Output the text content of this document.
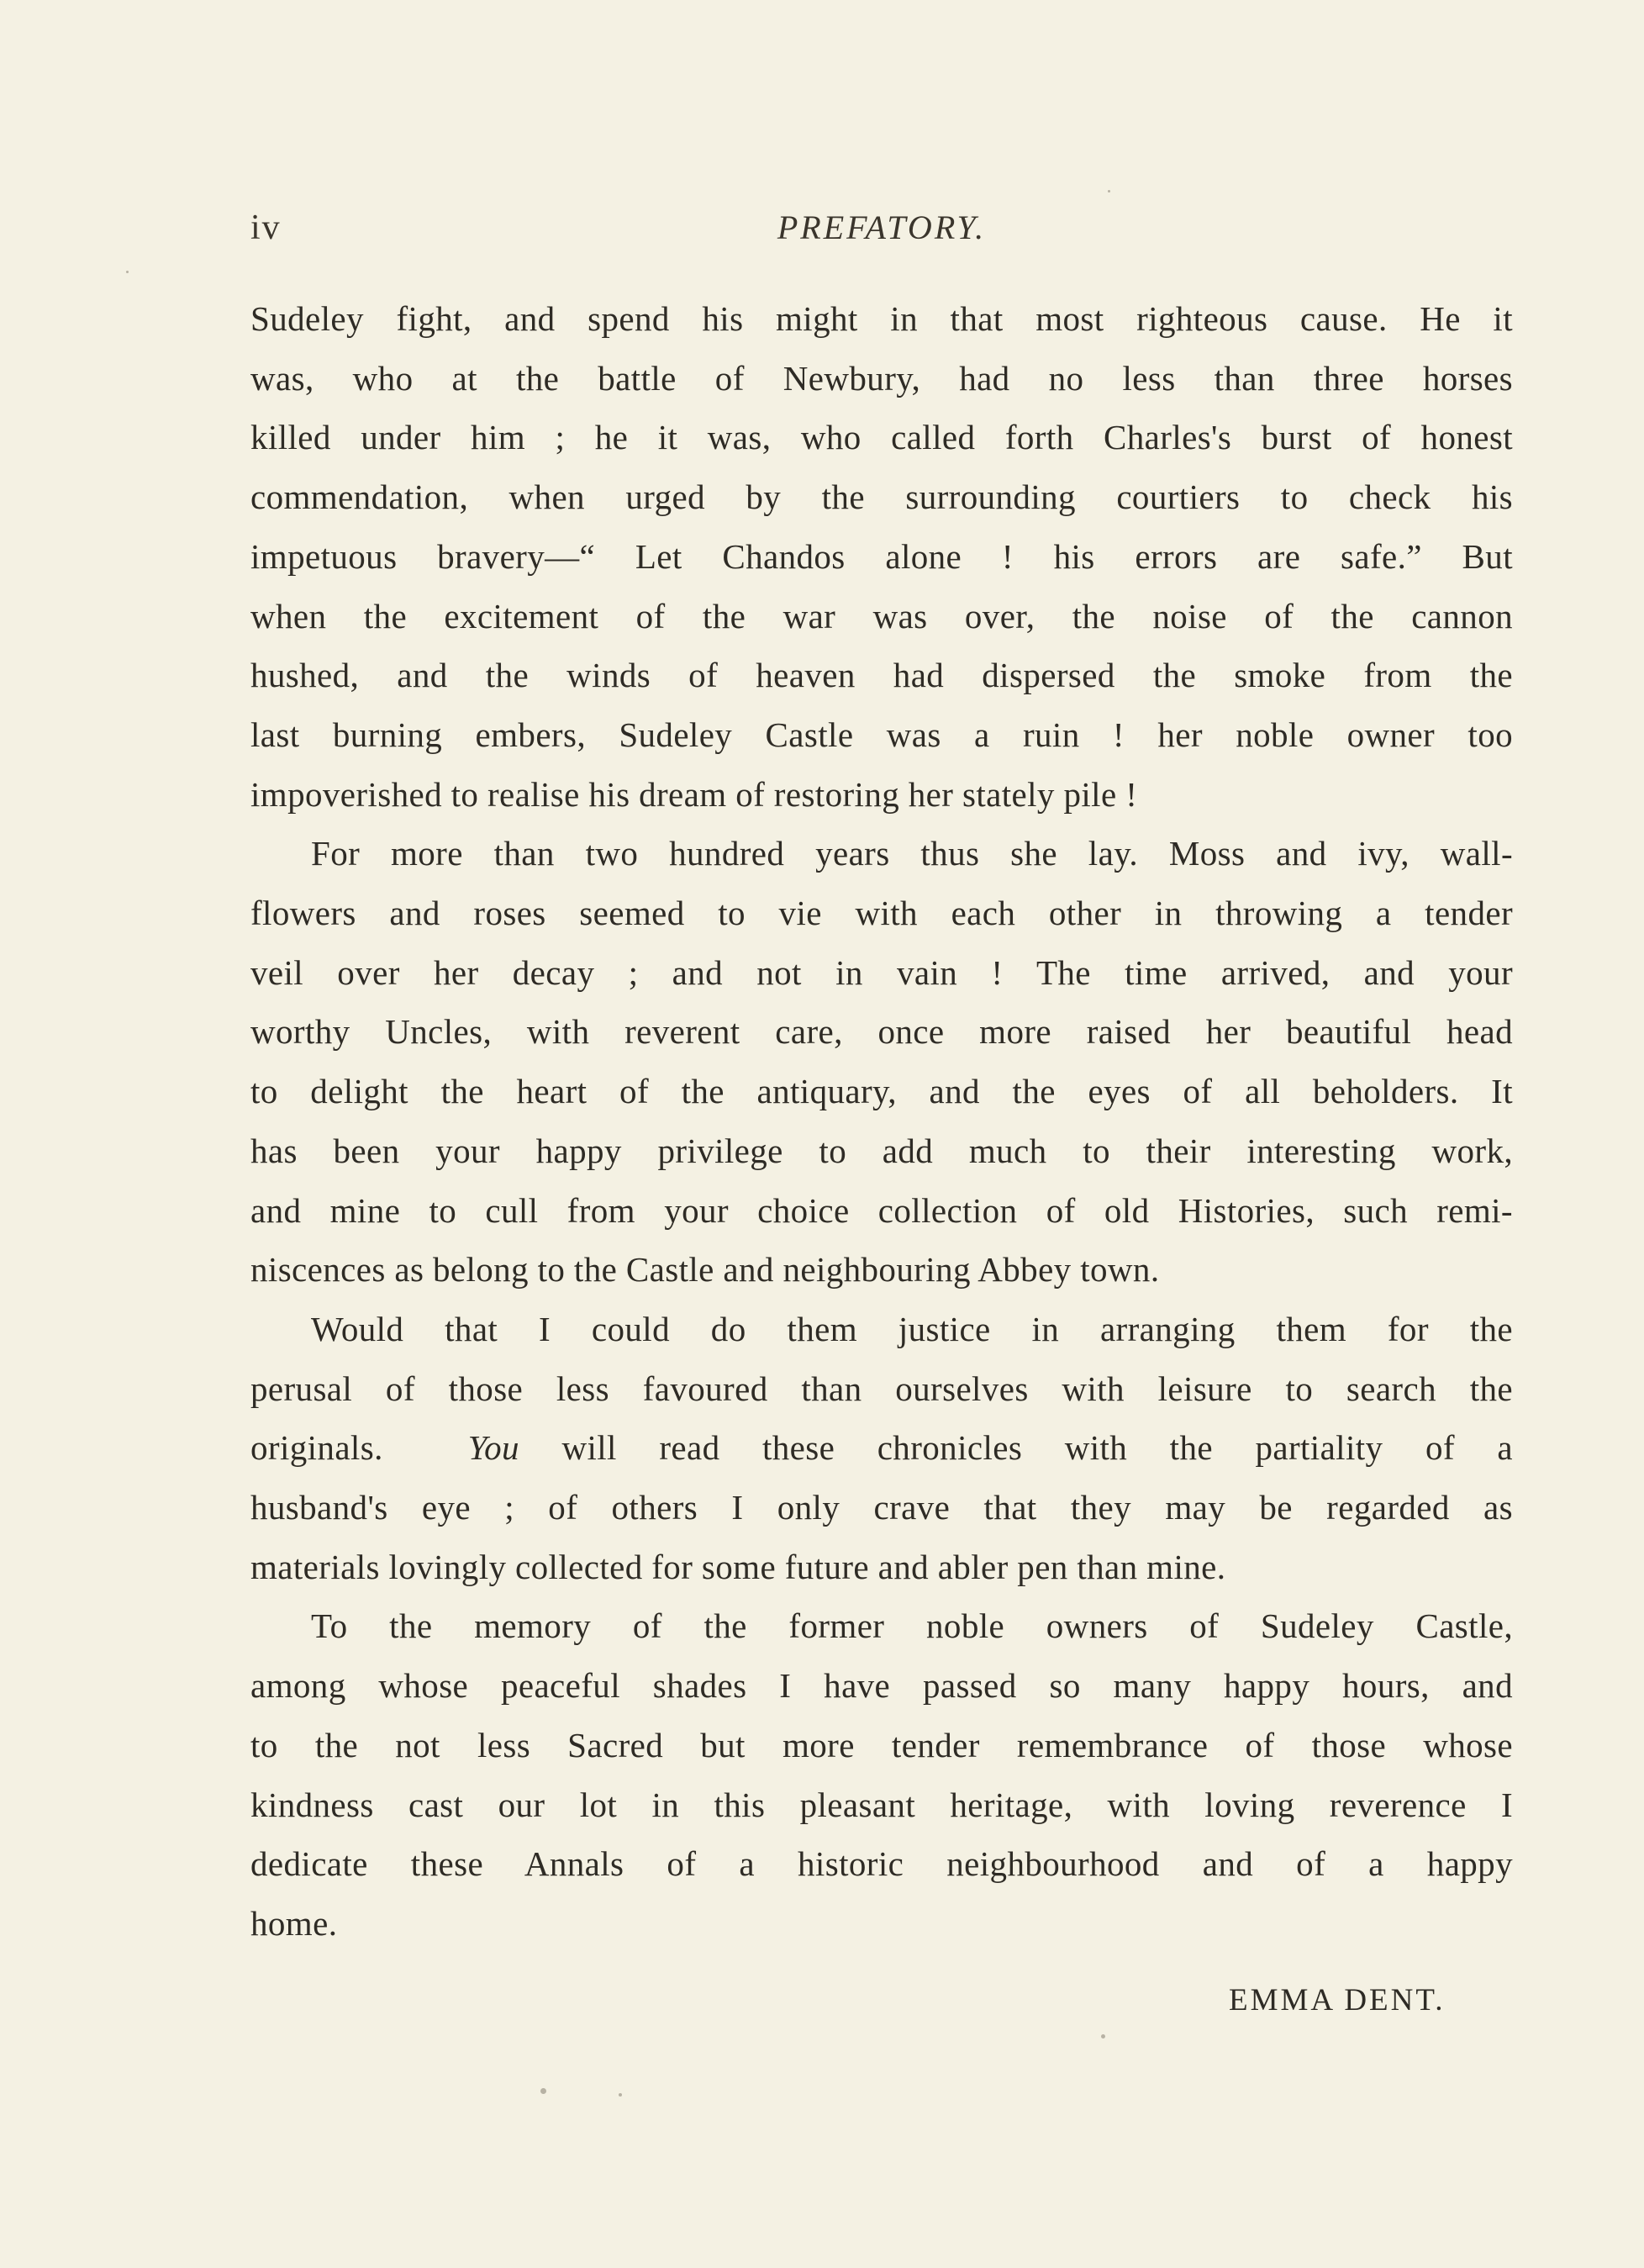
iv	PREFATORY.

Sudeley fight, and spend his might in that most righteous cause. He it
was, who at the battle of Newbury, had no less than three horses
killed under him ; he it was, who called forth Charles's burst of honest
commendation, when urged by the surrounding courtiers to check his
impetuous bravery—“ Let Chandos alone ! his errors are safe.” But
when the excitement of the war was over, the noise of the cannon
hushed, and the winds of heaven had dispersed the smoke from the
last burning embers, Sudeley Castle was a ruin ! her noble owner too
impoverished to realise his dream of restoring her stately pile !

For more than two hundred years thus she lay. Moss and ivy, wall-
flowers and roses seemed to vie with each other in throwing a tender
veil over her decay ; and not in vain ! The time arrived, and your
worthy Uncles, with reverent care, once more raised her beautiful head
to delight the heart of the antiquary, and the eyes of all beholders. It
has been your happy privilege to add much to their interesting work,
and mine to cull from your choice collection of old Histories, such remi-
niscences as belong to the Castle and neighbouring Abbey town.

Would that I could do them justice in arranging them for the
perusal of those less favoured than ourselves with leisure to search the
originals. You will read these chronicles with the partiality of a
husband's eye ; of others I only crave that they may be regarded as
materials lovingly collected for some future and abler pen than mine.

To the memory of the former noble owners of Sudeley Castle,
among whose peaceful shades I have passed so many happy hours, and
to the not less Sacred but more tender remembrance of those whose
kindness cast our lot in this pleasant heritage, with loving reverence I
dedicate these Annals of a historic neighbourhood and of a happy
home.

EMMA DENT.
